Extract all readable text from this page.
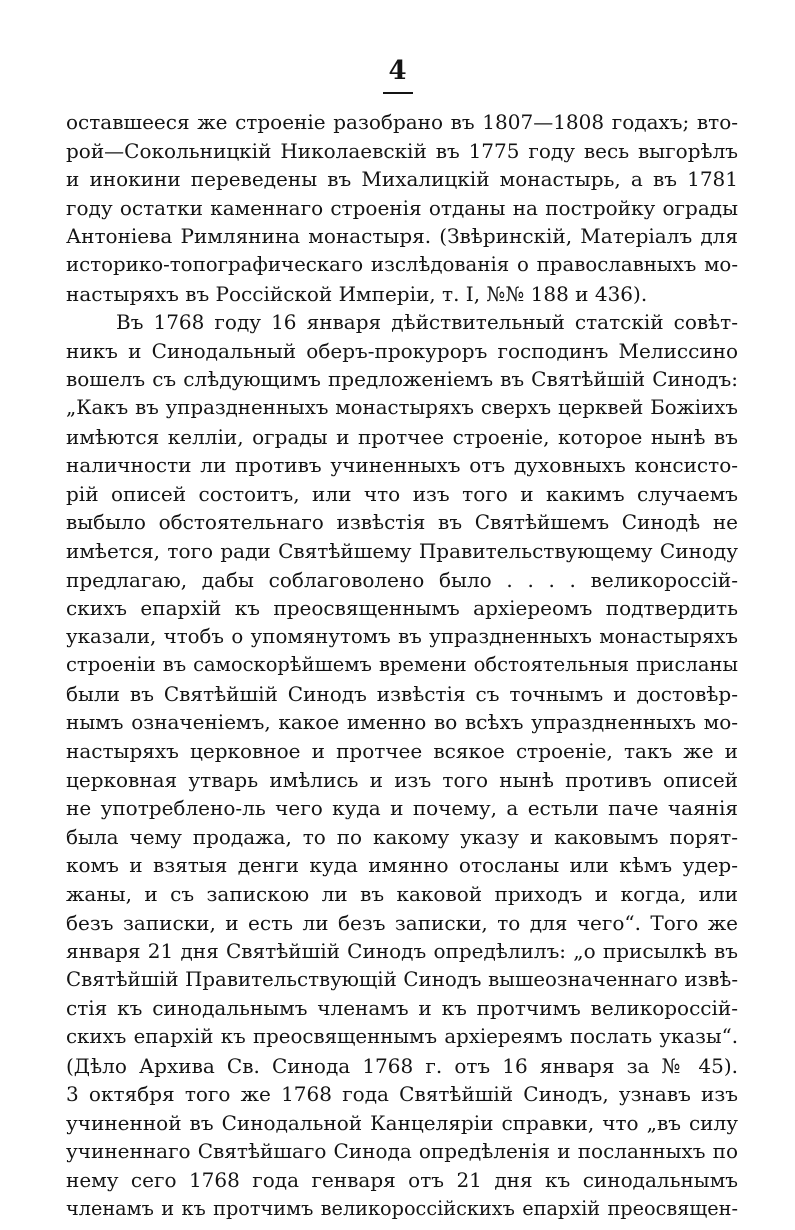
4
оставшееся же строеніе разобрано въ 1807—1808 годахъ; вто-
рой—Сокольницкій Николаевскій въ 1775 году весь выгорѣлъ
и инокини переведены въ Михалицкій монастырь, а въ 1781
году остатки каменнаго строенія отданы на постройку ограды
Антоніева Римлянина монастыря. (Звѣринскій, Матеріалъ для
историко-топографическаго изслѣдованія о православныхъ мо-
настыряхъ въ Россійской Имперіи, т. I, №№ 188 и 436).
Въ 1768 году 16 января дѣйствительный статскій совѣт-
никъ и Синодальный оберъ-прокуроръ господинъ Мелиссино
вошелъ съ слѣдующимъ предложеніемъ въ Святѣйшій Синодъ:
„Какъ въ упраздненныхъ монастыряхъ сверхъ церквей Божіихъ
имѣются келліи, ограды и протчее строеніе, которое нынѣ въ
наличности ли противъ учиненныхъ отъ духовныхъ консисто-
рій описей состоитъ, или что изъ того и какимъ случаемъ
выбыло обстоятельнаго извѣстія въ Святѣйшемъ Синодѣ не
имѣется, того ради Святѣйшему Правительствующему Синоду
предлагаю, дабы соблаговолено было . . . . великороссій-
скихъ епархій къ преосвященнымъ архіереомъ подтвердить
указали, чтобъ о упомянутомъ въ упраздненныхъ монастыряхъ
строеніи въ самоскорѣйшемъ времени обстоятельныя присланы
были въ Святѣйшій Синодъ извѣстія съ точнымъ и достовѣр-
нымъ означеніемъ, какое именно во всѣхъ упраздненныхъ мо-
настыряхъ церковное и протчее всякое строеніе, такъ же и
церковная утварь имѣлись и изъ того нынѣ противъ описей
не употреблено-ль чего куда и почему, а естьли паче чаянія
была чему продажа, то по какому указу и каковымъ порят-
комъ и взятыя денги куда имянно отосланы или кѣмъ удер-
жаны, и съ запискою ли въ каковой приходъ и когда, или
безъ записки, и есть ли безъ записки, то для чего“. Того же
января 21 дня Святѣйшій Синодъ опредѣлилъ: „о присылкѣ въ
Святѣйшій Правительствующій Синодъ вышеозначеннаго извѣ-
стія къ синодальнымъ членамъ и къ протчимъ великороссій-
скихъ епархій къ преосвященнымъ архіереямъ послать указы“.
(Дѣло Архива Св. Синода 1768 г. отъ 16 января за № 45).
3 октября того же 1768 года Святѣйшій Синодъ, узнавъ изъ
учиненной въ Синодальной Канцеляріи справки, что „въ силу
учиненнаго Святѣйшаго Синода опредѣленія и посланныхъ по
нему сего 1768 года генваря отъ 21 дня къ синодальнымъ
членамъ и къ протчимъ великороссійскихъ епархій преосвящен-
